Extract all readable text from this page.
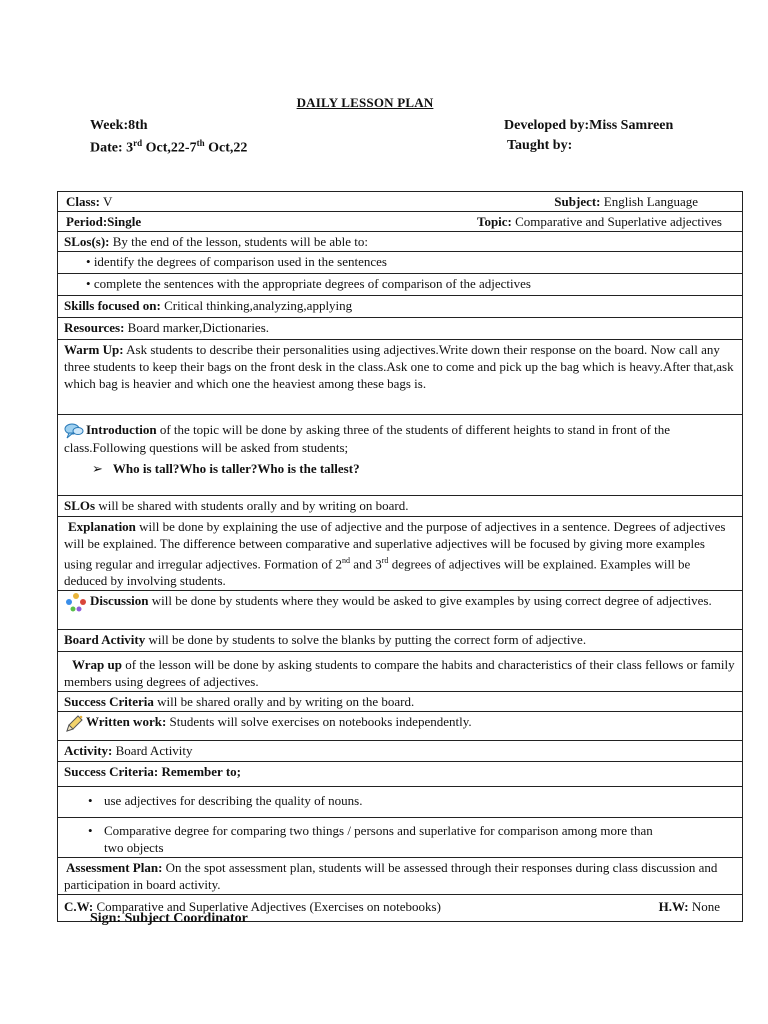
DAILY LESSON PLAN
Week:8th
Date: 3rd Oct,22-7th Oct,22
Developed by:Miss Samreen
Taught by:
Class: V	Subject: English Language

Period:Single	Topic: Comparative and Superlative adjectives

SLos(s): By the end of the lesson, students will be able to:

• identify the degrees of comparison used in the sentences

• complete the sentences with the appropriate degrees of comparison of the adjectives

Skills focused on: Critical thinking,analyzing,applying
Resources: Board marker,Dictionaries.
Warm Up: Ask students to describe their personalities using adjectives.Write down their response on the board. Now call any three students to keep their bags on the front desk in the class.Ask one to come and pick up the bag which is heavy.After that,ask which bag is heavier and which one the heaviest among these bags is.
Introduction of the topic will be done by asking three of the students of different heights to stand in front of the class.Following questions will be asked from students;
➢ Who is tall?Who is taller?Who is the tallest?

SLOs will be shared with students orally and by writing on board.
Explanation will be done by explaining the use of adjective and the purpose of adjectives in a sentence. Degrees of adjectives will be explained. The difference between comparative and superlative adjectives will be focused by giving more examples using regular and irregular adjectives. Formation of 2nd and 3rd degrees of adjectives will be explained. Examples will be deduced by involving students.
Discussion will be done by students where they would be asked to give examples by using correct degree of adjectives.
Board Activity will be done by students to solve the blanks by putting the correct form of adjective.
Wrap up of the lesson will be done by asking students to compare the habits and characteristics of their class fellows or family members using degrees of adjectives.
Success Criteria will be shared orally and by writing on the board.
Written work: Students will solve exercises on notebooks independently.
Activity: Board Activity
Success Criteria: Remember to;

• use adjectives for describing the quality of nouns.

• Comparative degree for comparing two things / persons and superlative for comparison among more than two objects

Assessment Plan: On the spot assessment plan, students will be assessed through their responses during class discussion and participation in board activity.

C.W: Comparative and Superlative Adjectives (Exercises on notebooks)	H.W: None
Sign: Subject Coordinator
